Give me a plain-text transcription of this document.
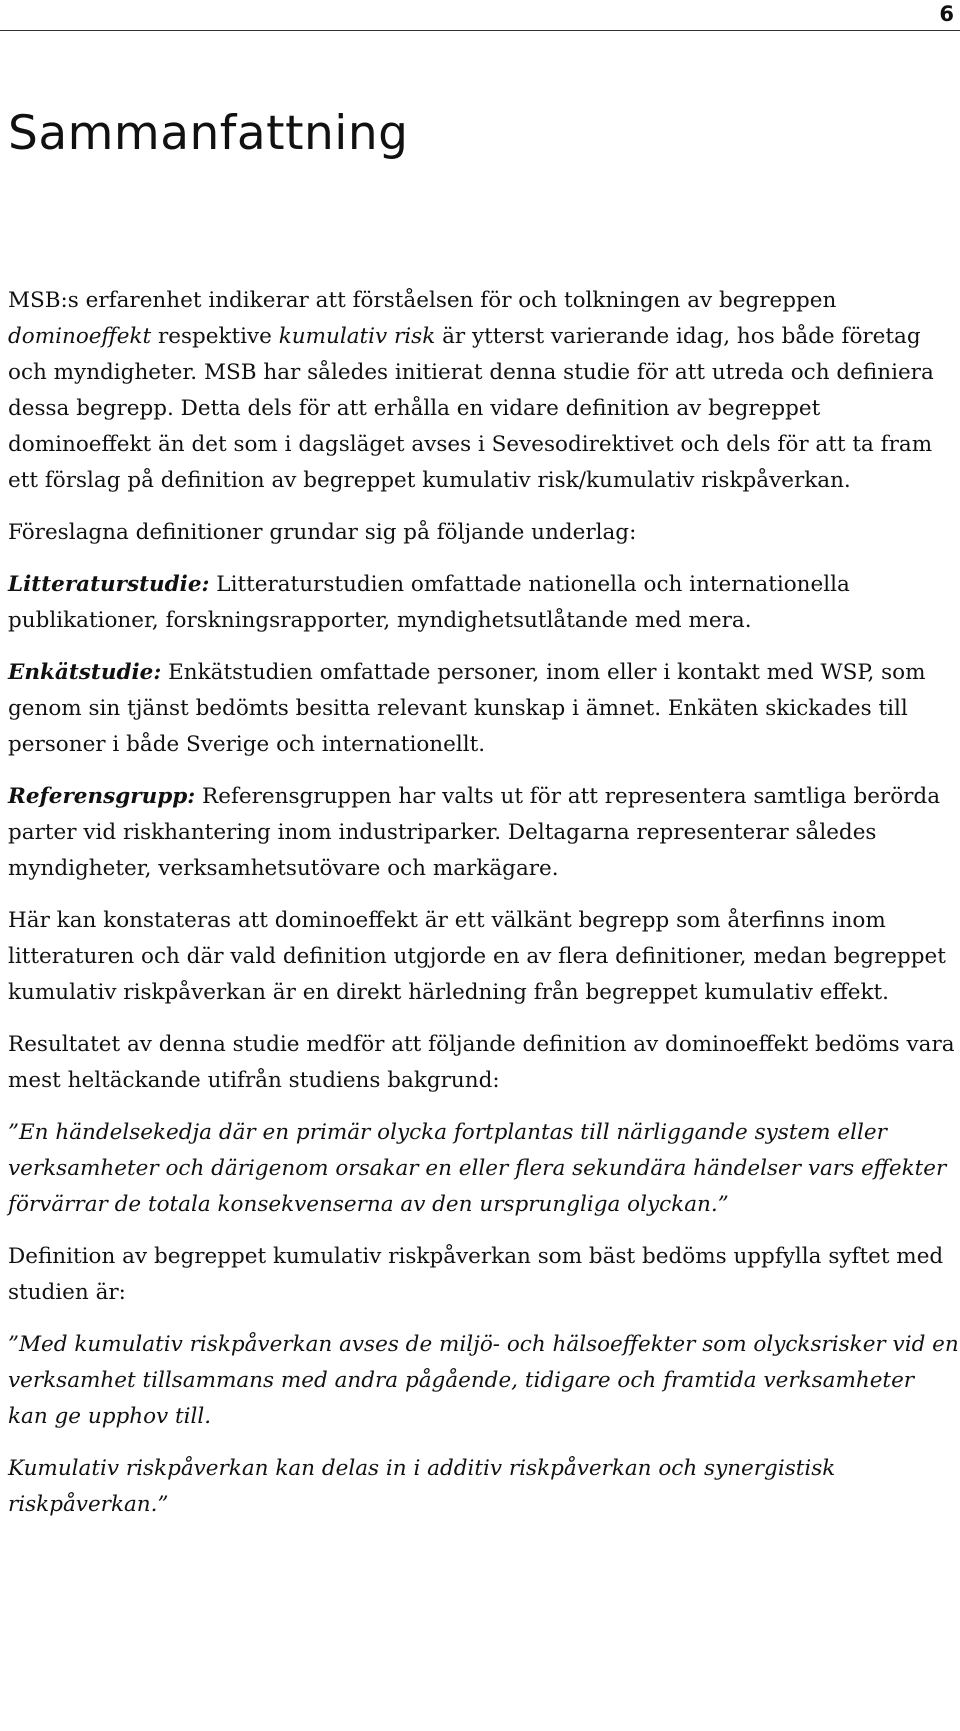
6
Sammanfattning

MSB:s erfarenhet indikerar att förståelsen för och tolkningen av begreppen dominoeffekt respektive kumulativ risk är ytterst varierande idag, hos både företag och myndigheter. MSB har således initierat denna studie för att utreda och definiera dessa begrepp. Detta dels för att erhålla en vidare definition av begreppet dominoeffekt än det som i dagsläget avses i Sevesodirektivet och dels för att ta fram ett förslag på definition av begreppet kumulativ risk/kumulativ riskpåverkan.

Föreslagna definitioner grundar sig på följande underlag:

Litteraturstudie: Litteraturstudien omfattade nationella och internationella publikationer, forskningsrapporter, myndighetsutlåtande med mera.

Enkätstudie: Enkätstudien omfattade personer, inom eller i kontakt med WSP, som genom sin tjänst bedömts besitta relevant kunskap i ämnet. Enkäten skickades till personer i både Sverige och internationellt.

Referensgrupp: Referensgruppen har valts ut för att representera samtliga berörda parter vid riskhantering inom industriparker. Deltagarna representerar således myndigheter, verksamhetsutövare och markägare.

Här kan konstateras att dominoeffekt är ett välkänt begrepp som återfinns inom litteraturen och där vald definition utgjorde en av flera definitioner, medan begreppet kumulativ riskpåverkan är en direkt härledning från begreppet kumulativ effekt.

Resultatet av denna studie medför att följande definition av dominoeffekt bedöms vara mest heltäckande utifrån studiens bakgrund:

”En händelsekedja där en primär olycka fortplantas till närliggande system eller verksamheter och därigenom orsakar en eller flera sekundära händelser vars effekter förvärrar de totala konsekvenserna av den ursprungliga olyckan.”

Definition av begreppet kumulativ riskpåverkan som bäst bedöms uppfylla syftet med studien är:

”Med kumulativ riskpåverkan avses de miljö- och hälsoeffekter som olycksrisker vid en verksamhet tillsammans med andra pågående, tidigare och framtida verksamheter kan ge upphov till.

Kumulativ riskpåverkan kan delas in i additiv riskpåverkan och synergistisk riskpåverkan.”
